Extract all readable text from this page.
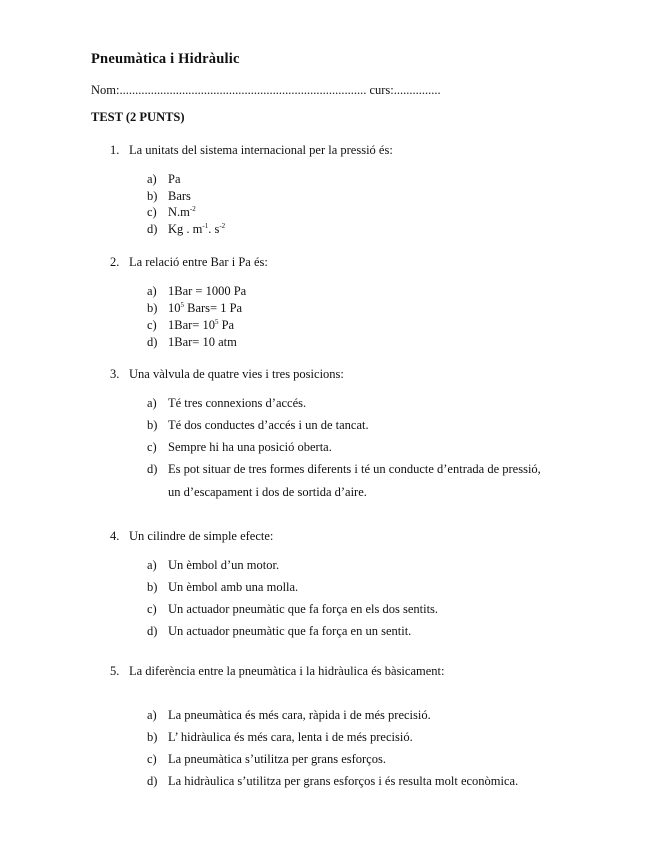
Pneumàtica i Hidràulic
Nom:............................................................................... curs:...............
TEST (2 PUNTS)
1. La unitats del sistema internacional per la pressió és:
a) Pa
b) Bars
c) $N.m^{-2}$
d) Kg . $m^{-1}$. $s^{-2}$
2. La relació entre Bar i Pa és:
a) 1Bar = 1000 Pa
b) $10^5$ Bars= 1 Pa
c) $1Bar= 10^5$ Pa
d) 1Bar= 10 atm
3. Una vàlvula de quatre vies i tres posicions:
a) Té tres connexions d’accés.
b) Té dos conductes d’accés i un de tancat.
c) Sempre hi ha una posició oberta.
d) Es pot situar de tres formes diferents i té un conducte d’entrada de pressió,
un d’escapament i dos de sortida d’aire.
4. Un cilindre de simple efecte:
a) Un èmbol d’un motor.
b) Un èmbol amb una molla.
c) Un actuador pneumàtic que fa força en els dos sentits.
d) Un actuador pneumàtic que fa força en un sentit.
5. La diferència entre la pneumàtica i la hidràulica és bàsicament:
a) La pneumàtica és més cara, ràpida i de més precisió.
b) L’ hidràulica és més cara, lenta i de més precisió.
c) La pneumàtica s’utilitza per grans esforços.
d) La hidràulica s’utilitza per grans esforços i és resulta molt econòmica.
